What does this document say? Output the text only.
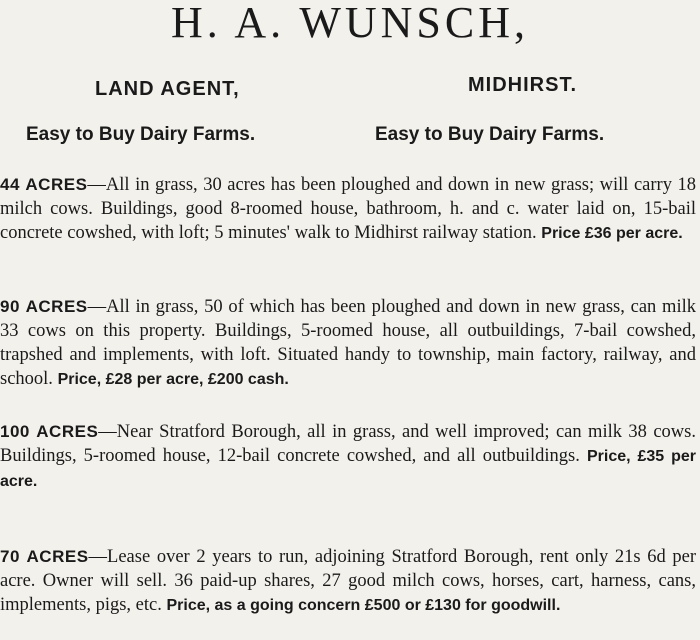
H. A. WUNSCH,
LAND AGENT,	MIDHIRST.
Easy to Buy Dairy Farms.	Easy to Buy Dairy Farms.
44 ACRES—All in grass, 30 acres has been ploughed and down in new grass; will carry 18 milch cows. Buildings, good 8-roomed house, bathroom, h. and c. water laid on, 15-bail concrete cowshed, with loft; 5 minutes' walk to Midhirst railway station. Price £36 per acre.
90 ACRES—All in grass, 50 of which has been ploughed and down in new grass, can milk 33 cows on this property. Buildings, 5-roomed house, all outbuildings, 7-bail cowshed, trapshed and implements, with loft. Situated handy to township, main factory, railway, and school. Price, £28 per acre, £200 cash.
100 ACRES—Near Stratford Borough, all in grass, and well improved; can milk 38 cows. Buildings, 5-roomed house, 12-bail concrete cowshed, and all outbuildings. Price, £35 per acre.
70 ACRES—Lease over 2 years to run, adjoining Stratford Borough, rent only 21s 6d per acre. Owner will sell. 36 paid-up shares, 27 good milch cows, horses, cart, harness, cans, implements, pigs, etc. Price, as a going concern £500 or £130 for goodwill.
